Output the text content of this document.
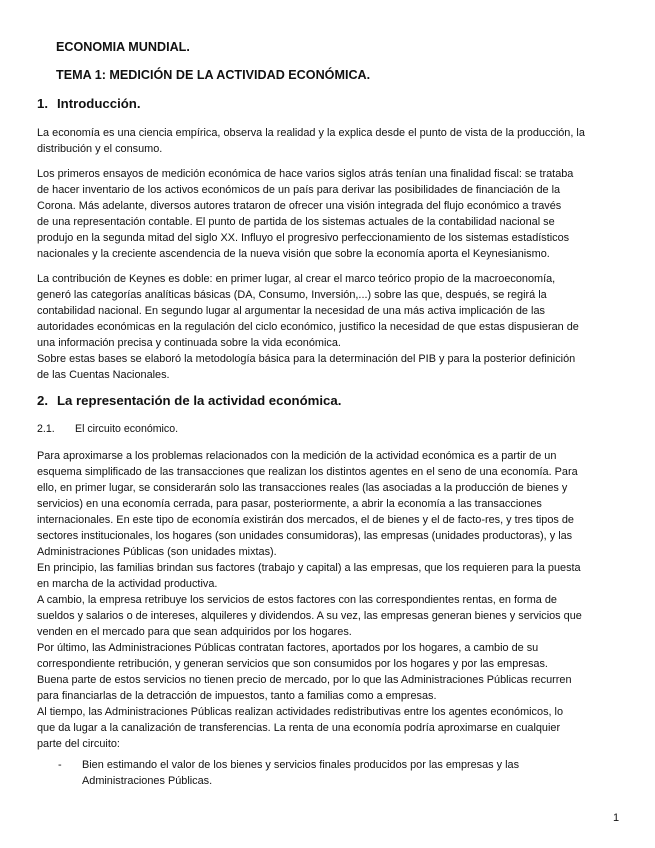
ECONOMIA MUNDIAL.
TEMA 1: MEDICIÓN DE LA ACTIVIDAD ECONÓMICA.
1. Introducción.
La economía es una ciencia empírica, observa la realidad y la explica desde el punto de vista de la producción, la
distribución y el consumo.
Los primeros ensayos de medición económica de hace varios siglos atrás tenían una finalidad fiscal: se trataba
de hacer inventario de los activos económicos de un país para derivar las posibilidades de financiación de la
Corona. Más adelante, diversos autores trataron de ofrecer una visión integrada del flujo económico a través
de una representación contable. El punto de partida de los sistemas actuales de la contabilidad nacional se
produjo en la segunda mitad del siglo XX. Influyo el progresivo perfeccionamiento de los sistemas estadísticos
nacionales y la creciente ascendencia de la nueva visión que sobre la economía aporta el Keynesianismo.
La contribución de Keynes es doble: en primer lugar, al crear el marco teórico propio de la macroeconomía,
generó las categorías analíticas básicas (DA, Consumo, Inversión,...) sobre las que, después, se regirá la
contabilidad nacional. En segundo lugar al argumentar la necesidad de una más activa implicación de las
autoridades económicas en la regulación del ciclo económico, justifico la necesidad de que estas dispusieran de
una información precisa y continuada sobre la vida económica.
Sobre estas bases se elaboró la metodología básica para la determinación del PIB y para la posterior definición
de las Cuentas Nacionales.
2. La representación de la actividad económica.
2.1. El circuito económico.
Para aproximarse a los problemas relacionados con la medición de la actividad económica es a partir de un
esquema simplificado de las transacciones que realizan los distintos agentes en el seno de una economía. Para
ello, en primer lugar, se considerarán solo las transacciones reales (las asociadas a la producción de bienes y
servicios) en una economía cerrada, para pasar, posteriormente, a abrir la economía a las transacciones
internacionales. En este tipo de economía existirán dos mercados, el de bienes y el de facto-res, y tres tipos de
sectores institucionales, los hogares (son unidades consumidoras), las empresas (unidades productoras), y las
Administraciones Públicas (son unidades mixtas).
En principio, las familias brindan sus factores (trabajo y capital) a las empresas, que los requieren para la puesta
en marcha de la actividad productiva.
A cambio, la empresa retribuye los servicios de estos factores con las correspondientes rentas, en forma de
sueldos y salarios o de intereses, alquileres y dividendos. A su vez, las empresas generan bienes y servicios que
venden en el mercado para que sean adquiridos por los hogares.
Por último, las Administraciones Públicas contratan factores, aportados por los hogares, a cambio de su
correspondiente retribución, y generan servicios que son consumidos por los hogares y por las empresas.
Buena parte de estos servicios no tienen precio de mercado, por lo que las Administraciones Públicas recurren
para financiarlas de la detracción de impuestos, tanto a familias como a empresas.
Al tiempo, las Administraciones Públicas realizan actividades redistributivas entre los agentes económicos, lo
que da lugar a la canalización de transferencias. La renta de una economía podría aproximarse en cualquier
parte del circuito:
- Bien estimando el valor de los bienes y servicios finales producidos por las empresas y las
Administraciones Públicas.
1
